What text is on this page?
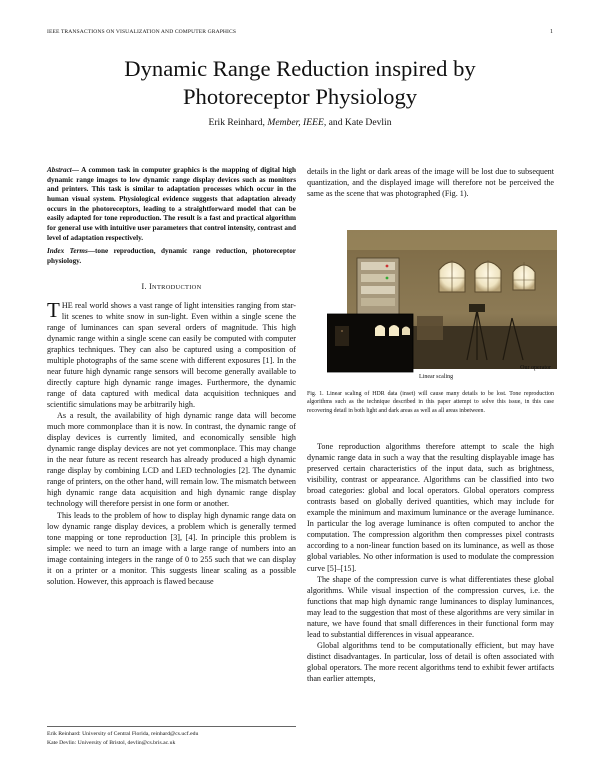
IEEE TRANSACTIONS ON VISUALIZATION AND COMPUTER GRAPHICS	1
Dynamic Range Reduction inspired by
Photoreceptor Physiology
Erik Reinhard, Member, IEEE, and Kate Devlin

Abstract— A common task in computer graphics is the mapping of digital high dynamic range images to low dynamic range display devices such as monitors and printers. This task is similar to adaptation processes which occur in the human visual system. Physiological evidence suggests that adaptation already occurs in the photoreceptors, leading to a straightforward model that can be easily adapted for tone reproduction. The result is a fast and practical algorithm for general use with intuitive user parameters that control intensity, contrast and level of adaptation respectively.

Index Terms—tone reproduction, dynamic range reduction, photoreceptor physiology.

I. INTRODUCTION

THE real world shows a vast range of light intensities ranging from star-lit scenes to white snow in sun-light. Even within a single scene the range of luminances can span several orders of magnitude. This high dynamic range within a single scene can easily be computed with computer graphics techniques. They can also be captured using a composition of multiple photographs of the same scene with different exposures [1]. In the near future high dynamic range sensors will become generally available to directly capture high dynamic range images. Furthermore, the dynamic range of data captured with medical data acquisition techniques and scientific simulations may be arbitrarily high.

As a result, the availability of high dynamic range data will become much more commonplace than it is now. In contrast, the dynamic range of display devices is currently limited, and economically sensible high dynamic range display devices are not yet commonplace. This may change in the near future as recent research has already produced a high dynamic range display by combining LCD and LED technologies [2]. The dynamic range of printers, on the other hand, will remain low. The mismatch between high dynamic range data acquisition and high dynamic range display technology will therefore persist in one form or another.

This leads to the problem of how to display high dynamic range data on low dynamic range display devices, a problem which is generally termed tone mapping or tone reproduction [3], [4]. In principle this problem is simple: we need to turn an image with a large range of numbers into an image containing integers in the range of 0 to 255 such that we can display it on a printer or a monitor. This suggests linear scaling as a possible solution. However, this approach is flawed because

Erik Reinhard: University of Central Florida, reinhard@cs.ucf.edu
Kate Devlin: University of Bristol, devlin@cs.bris.ac.uk

details in the light or dark areas of the image will be lost due to subsequent quantization, and the displayed image will therefore not be perceived the same as the scene that was photographed (Fig. 1).

Our operator
Linear scaling
Fig. 1. Linear scaling of HDR data (inset) will cause many details to be lost. Tone reproduction algorithms such as the technique described in this paper attempt to solve this issue, in this case recovering detail in both light and dark areas as well as all areas inbetween.

Tone reproduction algorithms therefore attempt to scale the high dynamic range data in such a way that the resulting displayable image has preserved certain characteristics of the input data, such as brightness, visibility, contrast or appearance. Algorithms can be classified into two broad categories: global and local operators. Global operators compress contrasts based on globally derived quantities, which may include for example the minimum and maximum luminance or the average luminance. In particular the log average luminance is often computed to anchor the computation. The compression algorithm then compresses pixel contrasts according to a non-linear function based on its luminance, as well as those global variables. No other information is used to modulate the compression curve [5]–[15].

The shape of the compression curve is what differentiates these global algorithms. While visual inspection of the compression curves, i.e. the functions that map high dynamic range luminances to display luminances, may lead to the suggestion that most of these algorithms are very similar in nature, we have found that small differences in their functional form may lead to substantial differences in visual appearance.

Global algorithms tend to be computationally efficient, but may have distinct disadvantages. In particular, loss of detail is often associated with global operators. The more recent algorithms tend to exhibit fewer artifacts than earlier attempts,
